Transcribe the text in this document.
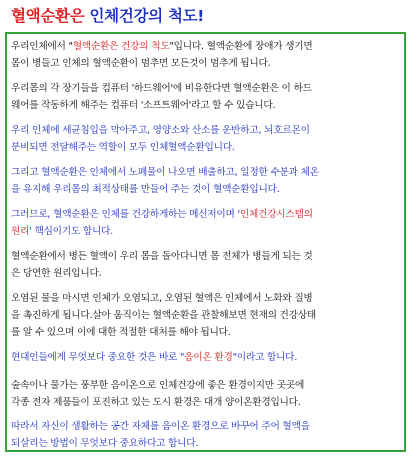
혈액순환은 인체건강의 척도!
우리인체에서 "혈액순환은 건강의 척도"입니다. 혈액순환에 장애가 생기면
몸이 병들고 인체의 혈액순환이 멈추면 모든것이 멈추게 됩니다.
우리몸의 각 장기들을 컴퓨터 '하드웨어'에 비유한다면 혈액순환은 이 하드
웨어를 작동하게 해주는 컴퓨터 '소프트웨어'라고 할 수 있습니다.
우리 인체에 세균침입을 막아주고, 영양소와 산소를 운반하고, 뇌호르몬이
분비되면 전달해주는 역할이 모두 인체혈액순환입니다.
그리고 혈액순환은 인체에서 노폐물이 나오면 배출하고, 일정한 수분과 체온
을 유지해 우리몸의 최적상태를 만들어 주는 것이 혈액순환입니다.
그러므로, 혈액순환은 인체를 건강하게하는 메신저이며 '인체건강시스템의
원리' 핵심이기도 합니다.
혈액순환에서 병든 혈액이 우리 몸을 돌아다니면 몸 전체가 병들게 되는 것
은 당연한 원리입니다.
오염된 물을 마시면 인체가 오염되고, 오염된 혈액은 인체에서 노화와 질병
을 촉진하게 됩니다.살아 움직이는 혈액순환을 관찰해보면 현재의 건강상태
를 알 수 있으며 이에 대한 적절한 대처를 해야 됩니다.
현대인들에게 무엇보다 중요한 것은 바로 "음이온 환경"이라고 합니다.
숲속이나 물가는 풍부한 음이온으로 인체건강에 좋은 환경이지만 곳곳에
각종 전자 제품들이 포진하고 있는 도시 환경은 대개 양이온환경입니다.
따라서 자신이 생활하는 공간 자체를 음이온 환경으로 바꾸어 주어 혈액을
되살리는 방법이 무엇보다 중요하다고 합니다.
